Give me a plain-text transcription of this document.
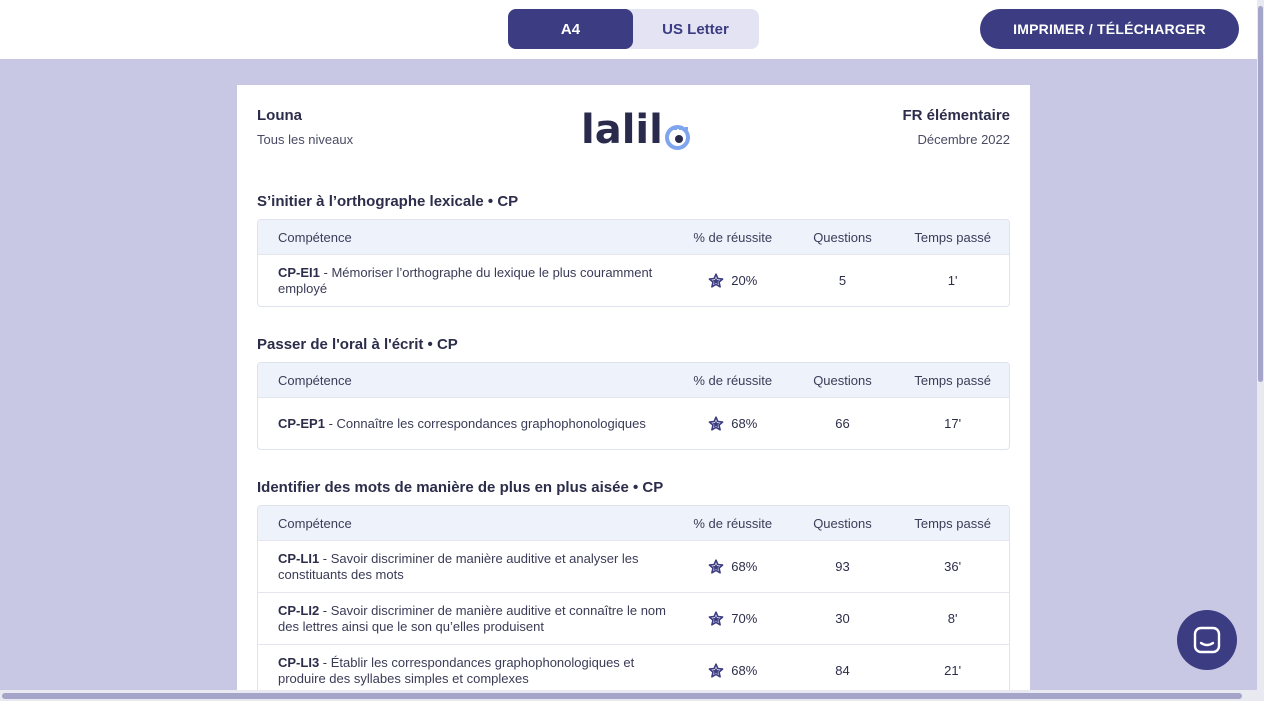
A4	US Letter	IMPRIMER / TÉLÉCHARGER
Louna
Tous les niveaux	lalil	FR élémentaire
Décembre 2022
S’initier à l’orthographe lexicale • CP
Compétence	% de réussite	Questions	Temps passé
CP-EI1 - Mémoriser l’orthographe du lexique le plus couramment employé	20%	5	1'
Passer de l'oral à l'écrit • CP
Compétence	% de réussite	Questions	Temps passé
CP-EP1 - Connaître les correspondances graphophonologiques	68%	66	17'
Identifier des mots de manière de plus en plus aisée • CP
Compétence	% de réussite	Questions	Temps passé
CP-LI1 - Savoir discriminer de manière auditive et analyser les constituants des mots	68%	93	36'
CP-LI2 - Savoir discriminer de manière auditive et connaître le nom des lettres ainsi que le son qu’elles produisent	70%	30	8'
CP-LI3 - Établir les correspondances graphophonologiques et produire des syllabes simples et complexes	68%	84	21'
